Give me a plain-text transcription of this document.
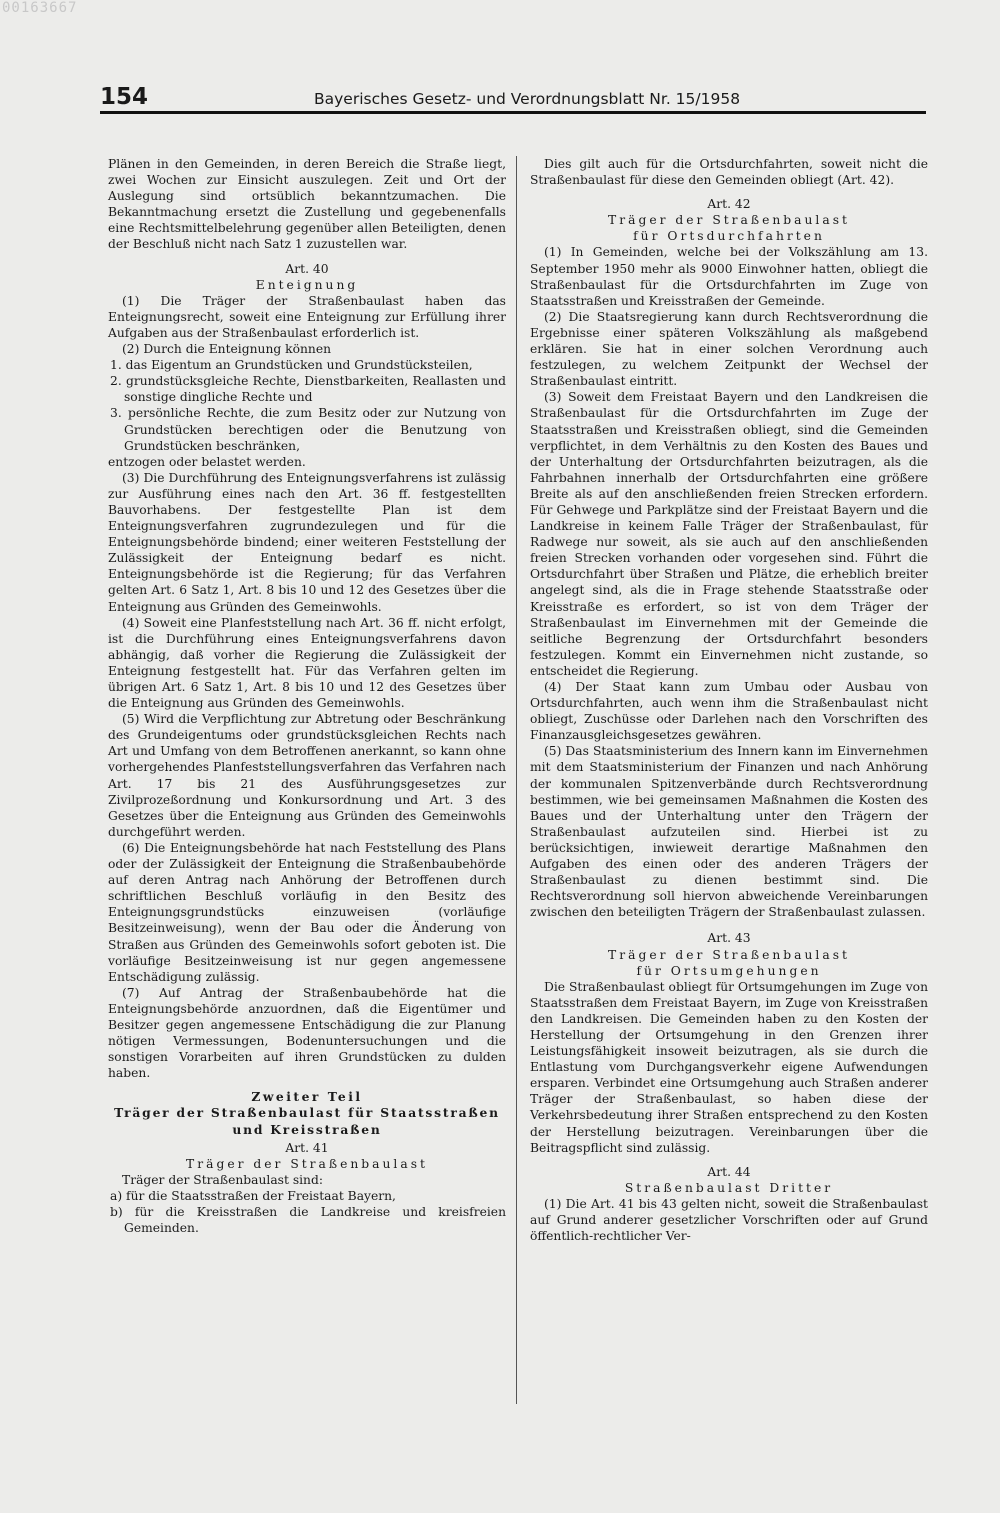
00163667
154	Bayerisches Gesetz- und Verordnungsblatt Nr. 15/1958

Plänen in den Gemeinden, in deren Bereich die Straße liegt, zwei Wochen zur Einsicht auszulegen. Zeit und Ort der Auslegung sind ortsüblich bekanntzumachen. Die Bekanntmachung ersetzt die Zustellung und gegebenenfalls eine Rechtsmittelbelehrung gegenüber allen Beteiligten, denen der Beschluß nicht nach Satz 1 zuzustellen war.

Art. 40
Enteignung

(1) Die Träger der Straßenbaulast haben das Enteignungsrecht, soweit eine Enteignung zur Erfüllung ihrer Aufgaben aus der Straßenbaulast erforderlich ist.

(2) Durch die Enteignung können

1. das Eigentum an Grundstücken und Grundstücksteilen,
2. grundstücksgleiche Rechte, Dienstbarkeiten, Reallasten und sonstige dingliche Rechte und
3. persönliche Rechte, die zum Besitz oder zur Nutzung von Grundstücken berechtigen oder die Benutzung von Grundstücken beschränken,

entzogen oder belastet werden.

(3) Die Durchführung des Enteignungsverfahrens ist zulässig zur Ausführung eines nach den Art. 36 ff. festgestellten Bauvorhabens. Der festgestellte Plan ist dem Enteignungsverfahren zugrundezulegen und für die Enteignungsbehörde bindend; einer weiteren Feststellung der Zulässigkeit der Enteignung bedarf es nicht. Enteignungsbehörde ist die Regierung; für das Verfahren gelten Art. 6 Satz 1, Art. 8 bis 10 und 12 des Gesetzes über die Enteignung aus Gründen des Gemeinwohls.

(4) Soweit eine Planfeststellung nach Art. 36 ff. nicht erfolgt, ist die Durchführung eines Enteignungsverfahrens davon abhängig, daß vorher die Regierung die Zulässigkeit der Enteignung festgestellt hat. Für das Verfahren gelten im übrigen Art. 6 Satz 1, Art. 8 bis 10 und 12 des Gesetzes über die Enteignung aus Gründen des Gemeinwohls.

(5) Wird die Verpflichtung zur Abtretung oder Beschränkung des Grundeigentums oder grundstücksgleichen Rechts nach Art und Umfang von dem Betroffenen anerkannt, so kann ohne vorhergehendes Planfeststellungsverfahren das Verfahren nach Art. 17 bis 21 des Ausführungsgesetzes zur Zivilprozeßordnung und Konkursordnung und Art. 3 des Gesetzes über die Enteignung aus Gründen des Gemeinwohls durchgeführt werden.

(6) Die Enteignungsbehörde hat nach Feststellung des Plans oder der Zulässigkeit der Enteignung die Straßenbaubehörde auf deren Antrag nach Anhörung der Betroffenen durch schriftlichen Beschluß vorläufig in den Besitz des Enteignungsgrundstücks einzuweisen (vorläufige Besitzeinweisung), wenn der Bau oder die Änderung von Straßen aus Gründen des Gemeinwohls sofort geboten ist. Die vorläufige Besitzeinweisung ist nur gegen angemessene Entschädigung zulässig.

(7) Auf Antrag der Straßenbaubehörde hat die Enteignungsbehörde anzuordnen, daß die Eigentümer und Besitzer gegen angemessene Entschädigung die zur Planung nötigen Vermessungen, Bodenuntersuchungen und die sonstigen Vorarbeiten auf ihren Grundstücken zu dulden haben.

Zweiter Teil
Träger der Straßenbaulast für Staatsstraßen und Kreisstraßen
Art. 41
Träger der Straßenbaulast

Träger der Straßenbaulast sind:

a) für die Staatsstraßen der Freistaat Bayern,
b) für die Kreisstraßen die Landkreise und kreisfreien Gemeinden.

Dies gilt auch für die Ortsdurchfahrten, soweit nicht die Straßenbaulast für diese den Gemeinden obliegt (Art. 42).

Art. 42
Träger der Straßenbaulast
für Ortsdurchfahrten

(1) In Gemeinden, welche bei der Volkszählung am 13. September 1950 mehr als 9000 Einwohner hatten, obliegt die Straßenbaulast für die Ortsdurchfahrten im Zuge von Staatsstraßen und Kreisstraßen der Gemeinde.

(2) Die Staatsregierung kann durch Rechtsverordnung die Ergebnisse einer späteren Volkszählung als maßgebend erklären. Sie hat in einer solchen Verordnung auch festzulegen, zu welchem Zeitpunkt der Wechsel der Straßenbaulast eintritt.

(3) Soweit dem Freistaat Bayern und den Landkreisen die Straßenbaulast für die Ortsdurchfahrten im Zuge der Staatsstraßen und Kreisstraßen obliegt, sind die Gemeinden verpflichtet, in dem Verhältnis zu den Kosten des Baues und der Unterhaltung der Ortsdurchfahrten beizutragen, als die Fahrbahnen innerhalb der Ortsdurchfahrten eine größere Breite als auf den anschließenden freien Strecken erfordern. Für Gehwege und Parkplätze sind der Freistaat Bayern und die Landkreise in keinem Falle Träger der Straßenbaulast, für Radwege nur soweit, als sie auch auf den anschließenden freien Strecken vorhanden oder vorgesehen sind. Führt die Ortsdurchfahrt über Straßen und Plätze, die erheblich breiter angelegt sind, als die in Frage stehende Staatsstraße oder Kreisstraße es erfordert, so ist von dem Träger der Straßenbaulast im Einvernehmen mit der Gemeinde die seitliche Begrenzung der Ortsdurchfahrt besonders festzulegen. Kommt ein Einvernehmen nicht zustande, so entscheidet die Regierung.

(4) Der Staat kann zum Umbau oder Ausbau von Ortsdurchfahrten, auch wenn ihm die Straßenbaulast nicht obliegt, Zuschüsse oder Darlehen nach den Vorschriften des Finanzausgleichsgesetzes gewähren.

(5) Das Staatsministerium des Innern kann im Einvernehmen mit dem Staatsministerium der Finanzen und nach Anhörung der kommunalen Spitzenverbände durch Rechtsverordnung bestimmen, wie bei gemeinsamen Maßnahmen die Kosten des Baues und der Unterhaltung unter den Trägern der Straßenbaulast aufzuteilen sind. Hierbei ist zu berücksichtigen, inwieweit derartige Maßnahmen den Aufgaben des einen oder des anderen Trägers der Straßenbaulast zu dienen bestimmt sind. Die Rechtsverordnung soll hiervon abweichende Vereinbarungen zwischen den beteiligten Trägern der Straßenbaulast zulassen.

Art. 43
Träger der Straßenbaulast
für Ortsumgehungen

Die Straßenbaulast obliegt für Ortsumgehungen im Zuge von Staatsstraßen dem Freistaat Bayern, im Zuge von Kreisstraßen den Landkreisen. Die Gemeinden haben zu den Kosten der Herstellung der Ortsumgehung in den Grenzen ihrer Leistungsfähigkeit insoweit beizutragen, als sie durch die Entlastung vom Durchgangsverkehr eigene Aufwendungen ersparen. Verbindet eine Ortsumgehung auch Straßen anderer Träger der Straßenbaulast, so haben diese der Verkehrsbedeutung ihrer Straßen entsprechend zu den Kosten der Herstellung beizutragen. Vereinbarungen über die Beitragspflicht sind zulässig.

Art. 44
Straßenbaulast Dritter

(1) Die Art. 41 bis 43 gelten nicht, soweit die Straßenbaulast auf Grund anderer gesetzlicher Vorschriften oder auf Grund öffentlich-rechtlicher Ver-
